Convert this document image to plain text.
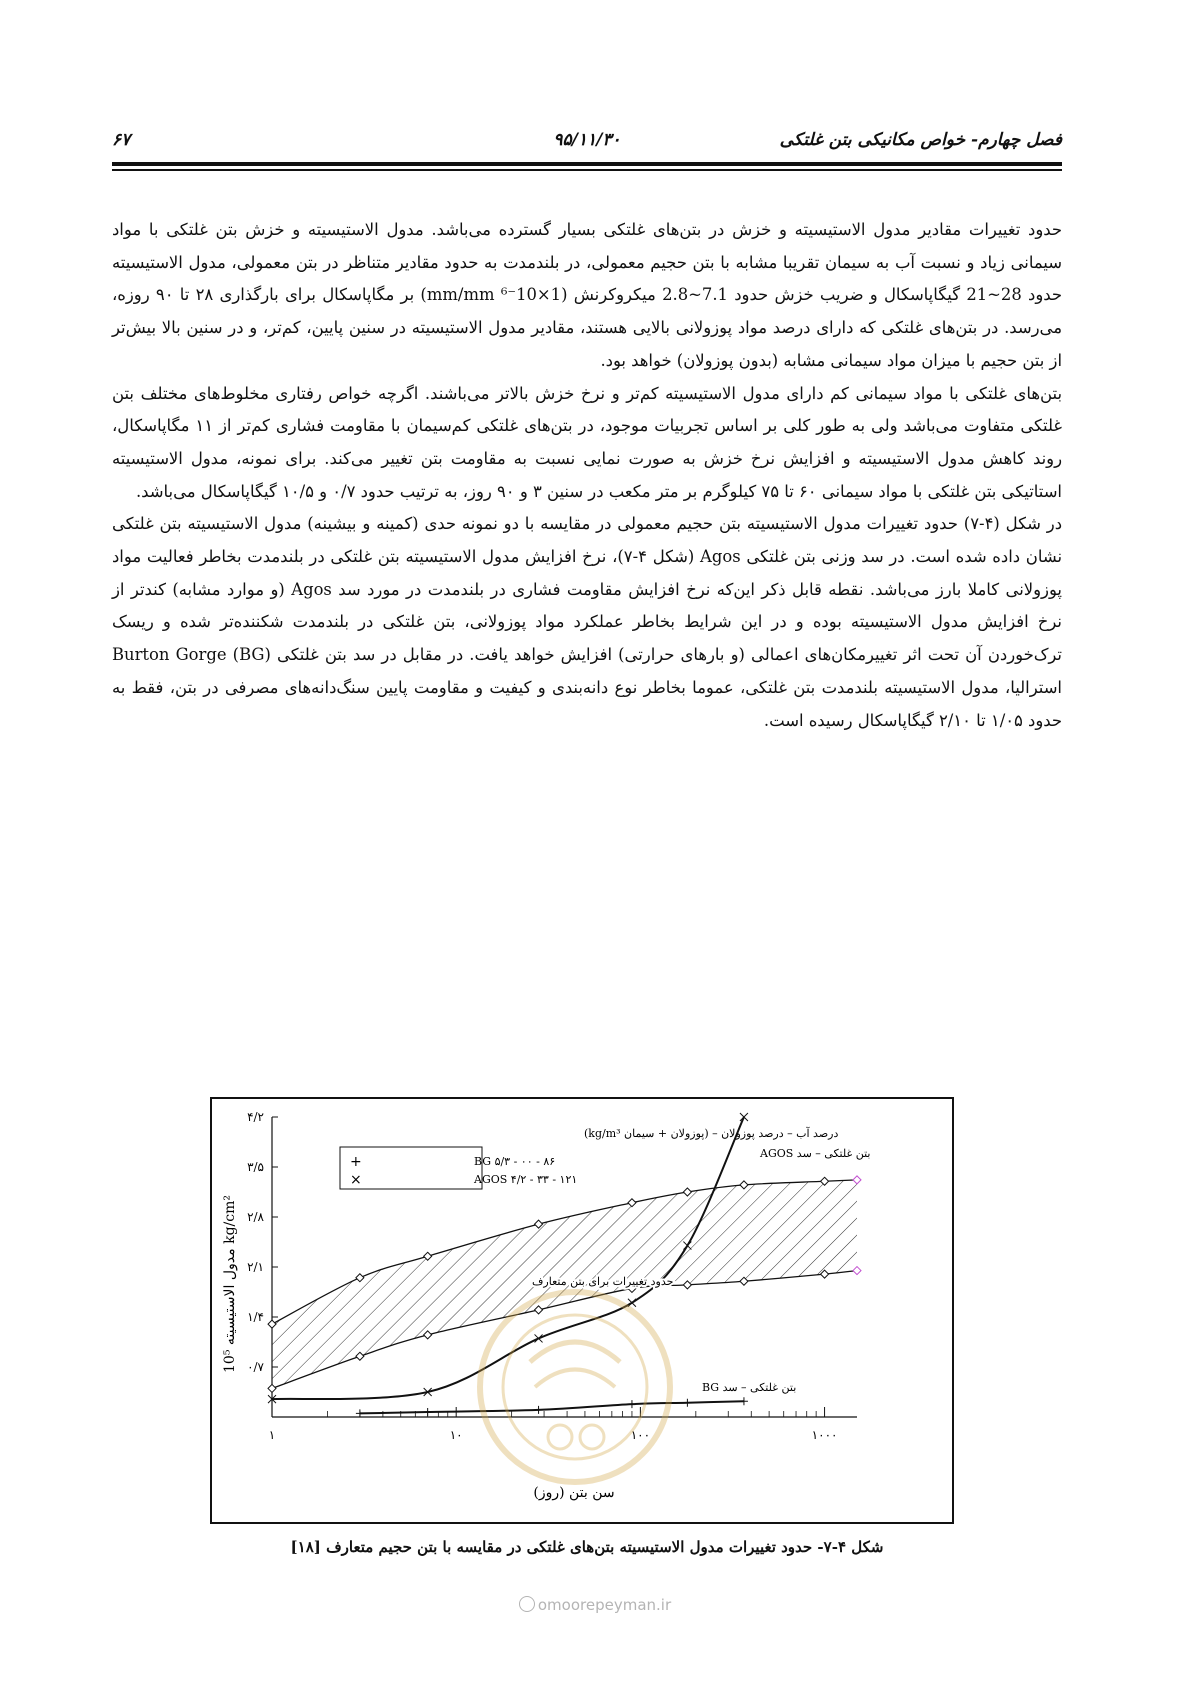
فصل چهارم- خواص مکانیکی بتن غلتکی
۹۵/۱۱/۳۰
۶۷

حدود تغییرات مقادیر مدول الاستیسیته و خزش در بتن‌های غلتکی بسیار گسترده می‌باشد. مدول الاستیسیته و خزش بتن غلتکی با مواد سیمانی زیاد و نسبت آب به سیمان تقریبا مشابه با بتن حجیم معمولی، در بلندمدت به حدود مقادیر متناظر در بتن معمولی، مدول الاستیسیته حدود 28~21 گیگاپاسکال و ضریب خزش حدود 7.1~2.8 میکروکرنش (1×10⁻⁶ mm/mm) بر مگاپاسکال برای بارگذاری ۲۸ تا ۹۰ روزه، می‌رسد. در بتن‌های غلتکی که دارای درصد مواد پوزولانی بالایی هستند، مقادیر مدول الاستیسیته در سنین پایین، کم‌تر، و در سنین بالا بیش‌تر از بتن حجیم با میزان مواد سیمانی مشابه (بدون پوزولان) خواهد بود.

بتن‌های غلتکی با مواد سیمانی کم دارای مدول الاستیسیته کم‌تر و نرخ خزش بالاتر می‌باشند. اگرچه خواص رفتاری مخلوط‌های مختلف بتن غلتکی متفاوت می‌باشد ولی به طور کلی بر اساس تجربیات موجود، در بتن‌های غلتکی کم‌سیمان با مقاومت فشاری کم‌تر از ۱۱ مگاپاسکال، روند کاهش مدول الاستیسیته و افزایش نرخ خزش به صورت نمایی نسبت به مقاومت بتن تغییر می‌کند. برای نمونه، مدول الاستیسیته استاتیکی بتن غلتکی با مواد سیمانی ۶۰ تا ۷۵ کیلوگرم بر متر مکعب در سنین ۳ و ۹۰ روز، به ترتیب حدود ۰/۷ و ۱۰/۵ گیگاپاسکال می‌باشد.

در شکل (۴-۷) حدود تغییرات مدول الاستیسیته بتن حجیم معمولی در مقایسه با دو نمونه حدی (کمینه و بیشینه) مدول الاستیسیته بتن غلتکی نشان داده شده است. در سد وزنی بتن غلتکی Agos (شکل ۴-۷)، نرخ افزایش مدول الاستیسیته بتن غلتکی در بلندمدت بخاطر فعالیت مواد پوزولانی کاملا بارز می‌باشد. نقطه قابل ذکر این‌که نرخ افزایش مقاومت فشاری در بلندمدت در مورد سد Agos (و موارد مشابه) کندتر از نرخ افزایش مدول الاستیسیته بوده و در این شرایط بخاطر عملکرد مواد پوزولانی، بتن غلتکی در بلندمدت شکننده‌تر شده و ریسک ترک‌خوردن آن تحت اثر تغییرمکان‌های اعمالی (و بارهای حرارتی) افزایش خواهد یافت. در مقابل در سد بتن غلتکی Burton Gorge (BG) استرالیا، مدول الاستیسیته بلندمدت بتن غلتکی، عموما بخاطر نوع دانه‌بندی و کیفیت و مقاومت پایین سنگ‌دانه‌های مصرفی در بتن، فقط به حدود ۱/۰۵ تا ۲/۱۰ گیگاپاسکال رسیده است.

۰/۷
۱/۴
۲/۱
۲/۸
۳/۵
۴/۲
۱	۱۰	۱۰۰	۱۰۰۰
مدول الاستیسیته 10⁵ kg/cm²
سن بتن (روز)
درصد آب – درصد پوزولان – (پوزولان + سیمان kg/m³)
+	BG ۵/۳ - ۰۰ - ۸۶
×	AGOS ۴/۲ - ۳۳ - ۱۲۱
بتن غلتکی – سد AGOS
حدود تغییرات برای بتن متعارف
بتن غلتکی – سد BG
شکل ۴-۷- حدود تغییرات مدول الاستیسیته بتن‌های غلتکی در مقایسه با بتن حجیم متعارف [۱۸]
omoorepeyman.ir
